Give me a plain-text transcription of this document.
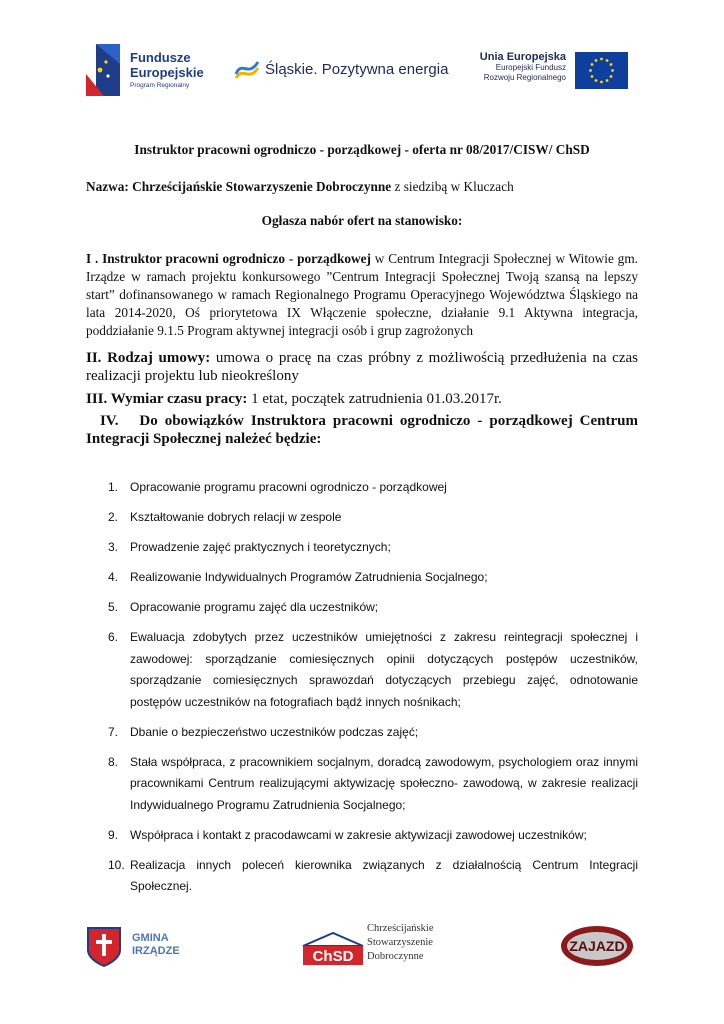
Fundusze
Europejskie
Program Regionalny
Śląskie. Pozytywna energia
Unia Europejska
Europejski Fundusz
Rozwoju Regionalnego
Instruktor pracowni ogrodniczo - porządkowej - oferta nr 08/2017/CISW/ ChSD
Nazwa: Chrześcijańskie Stowarzyszenie Dobroczynne z siedzibą w Kluczach
Ogłasza nabór ofert na stanowisko:
I . Instruktor pracowni ogrodniczo - porządkowej w Centrum Integracji Społecznej w Witowie gm. Irządze w ramach projektu konkursowego ”Centrum Integracji Społecznej Twoją szansą na lepszy start” dofinansowanego w ramach Regionalnego Programu Operacyjnego Województwa Śląskiego na lata 2014-2020, Oś priorytetowa IX Włączenie społeczne, działanie 9.1 Aktywna integracja, poddziałanie 9.1.5 Program aktywnej integracji osób i grup zagrożonych
II. Rodzaj umowy: umowa o pracę na czas próbny z możliwością przedłużenia na czas realizacji projektu lub nieokreślony
III. Wymiar czasu pracy: 1 etat, początek zatrudnienia 01.03.2017r.
IV.   Do obowiązków Instruktora pracowni ogrodniczo - porządkowej Centrum Integracji Społecznej należeć będzie:
1. Opracowanie programu pracowni ogrodniczo - porządkowej
2. Kształtowanie dobrych relacji w zespole
3. Prowadzenie zajęć praktycznych i teoretycznych;
4. Realizowanie Indywidualnych Programów Zatrudnienia Socjalnego;
5. Opracowanie programu zajęć dla uczestników;
6. Ewaluacja zdobytych przez uczestników umiejętności z zakresu reintegracji społecznej i zawodowej: sporządzanie comiesięcznych opinii dotyczących postępów uczestników, sporządzanie comiesięcznych sprawozdań dotyczących przebiegu zajęć, odnotowanie postępów uczestników na fotografiach bądź innych nośnikach;
7. Dbanie o bezpieczeństwo uczestników podczas zajęć;
8. Stała współpraca, z pracownikiem socjalnym, doradcą zawodowym, psychologiem oraz innymi pracownikami Centrum realizującymi aktywizację społeczno- zawodową, w zakresie realizacji Indywidualnego Programu Zatrudnienia Socjalnego;
9. Współpraca i kontakt z pracodawcami w zakresie aktywizacji zawodowej uczestników;
10. Realizacja innych poleceń kierownika związanych z działalnością Centrum Integracji Społecznej.
GMINA
IRZĄDZE	ChSD
Chrześcijańskie
Stowarzyszenie
Dobroczynne
ZAJAZD
